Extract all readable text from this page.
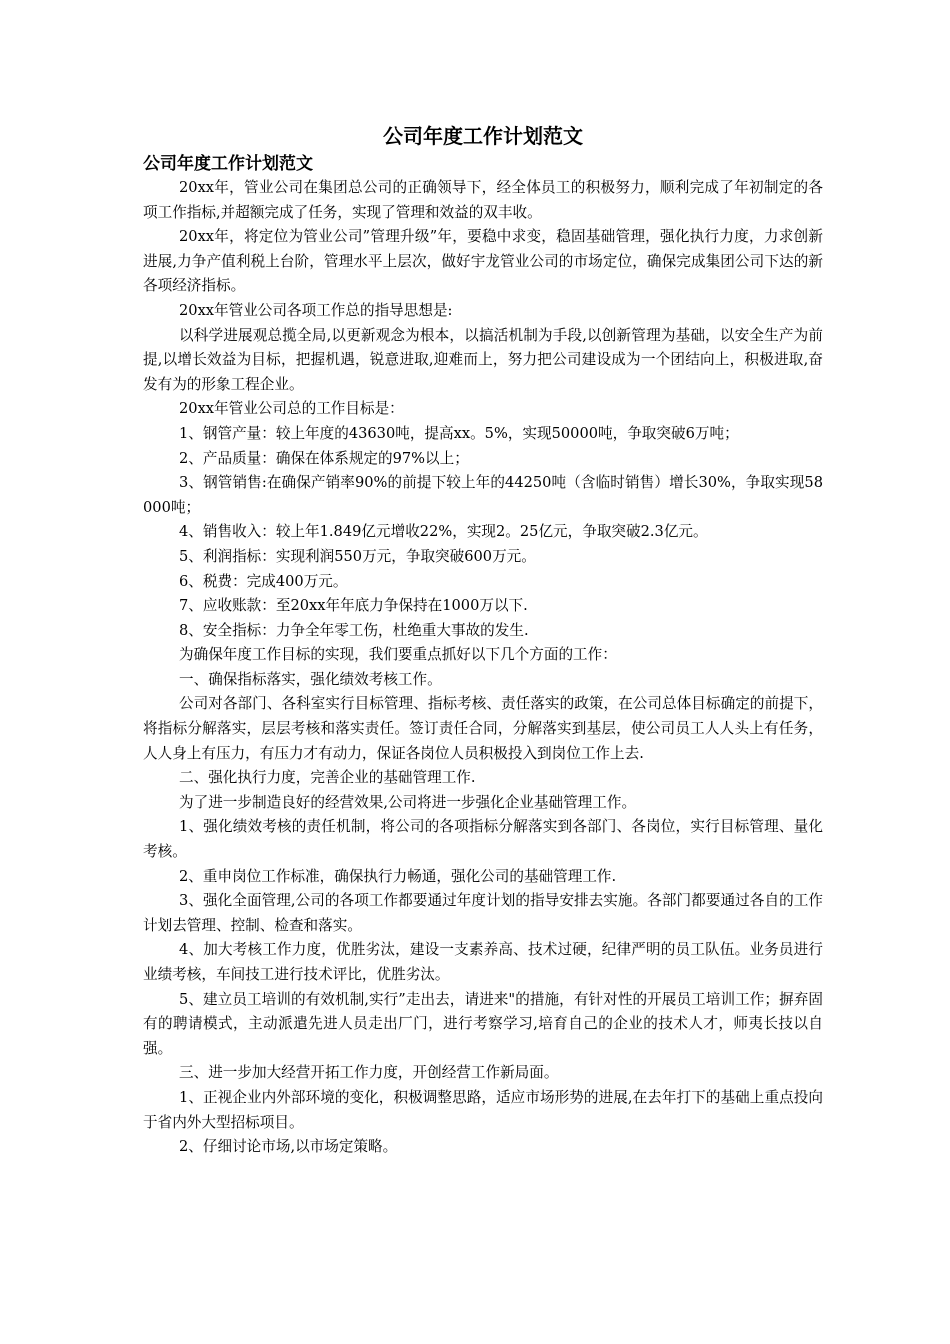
公司年度工作计划范文
公司年度工作计划范文

20xx年，管业公司在集团总公司的正确领导下，经全体员工的积极努力，顺利完成了年初制定的各项工作指标,并超额完成了任务，实现了管理和效益的双丰收。

20xx年，将定位为管业公司”管理升级”年，要稳中求变，稳固基础管理，强化执行力度，力求创新进展,力争产值利税上台阶，管理水平上层次，做好宇龙管业公司的市场定位，确保完成集团公司下达的新各项经济指标。

20xx年管业公司各项工作总的指导思想是:

以科学进展观总揽全局,以更新观念为根本，以搞活机制为手段,以创新管理为基础，以安全生产为前提,以增长效益为目标，把握机遇，锐意进取,迎难而上，努力把公司建设成为一个团结向上，积极进取,奋发有为的形象工程企业。

20xx年管业公司总的工作目标是：

1、钢管产量：较上年度的43630吨，提高xx。5%，实现50000吨，争取突破6万吨；

2、产品质量：确保在体系规定的97%以上；

3、钢管销售:在确保产销率90%的前提下较上年的44250吨（含临时销售）增长30%，争取实现58000吨；

4、销售收入：较上年1.849亿元增收22%，实现2。25亿元，争取突破2.3亿元。

5、利润指标：实现利润550万元，争取突破600万元。

6、税费：完成400万元。

7、应收账款：至20xx年年底力争保持在1000万以下.

8、安全指标：力争全年零工伤，杜绝重大事故的发生.

为确保年度工作目标的实现，我们要重点抓好以下几个方面的工作：

一、确保指标落实，强化绩效考核工作。

公司对各部门、各科室实行目标管理、指标考核、责任落实的政策，在公司总体目标确定的前提下，将指标分解落实，层层考核和落实责任。签订责任合同，分解落实到基层，使公司员工人人头上有任务，人人身上有压力，有压力才有动力，保证各岗位人员积极投入到岗位工作上去.

二、强化执行力度，完善企业的基础管理工作.

为了进一步制造良好的经营效果,公司将进一步强化企业基础管理工作。

1、强化绩效考核的责任机制，将公司的各项指标分解落实到各部门、各岗位，实行目标管理、量化考核。

2、重申岗位工作标准，确保执行力畅通，强化公司的基础管理工作.

3、强化全面管理,公司的各项工作都要通过年度计划的指导安排去实施。各部门都要通过各自的工作计划去管理、控制、检查和落实。

4、加大考核工作力度，优胜劣汰，建设一支素养高、技术过硬，纪律严明的员工队伍。业务员进行业绩考核，车间技工进行技术评比，优胜劣汰。

5、建立员工培训的有效机制,实行”走出去，请进来"的措施，有针对性的开展员工培训工作；摒弃固有的聘请模式，主动派遣先进人员走出厂门，进行考察学习,培育自己的企业的技术人才，师夷长技以自强。

三、进一步加大经营开拓工作力度，开创经营工作新局面。

1、正视企业内外部环境的变化，积极调整思路，适应市场形势的进展,在去年打下的基础上重点投向于省内外大型招标项目。

2、仔细讨论市场,以市场定策略。
